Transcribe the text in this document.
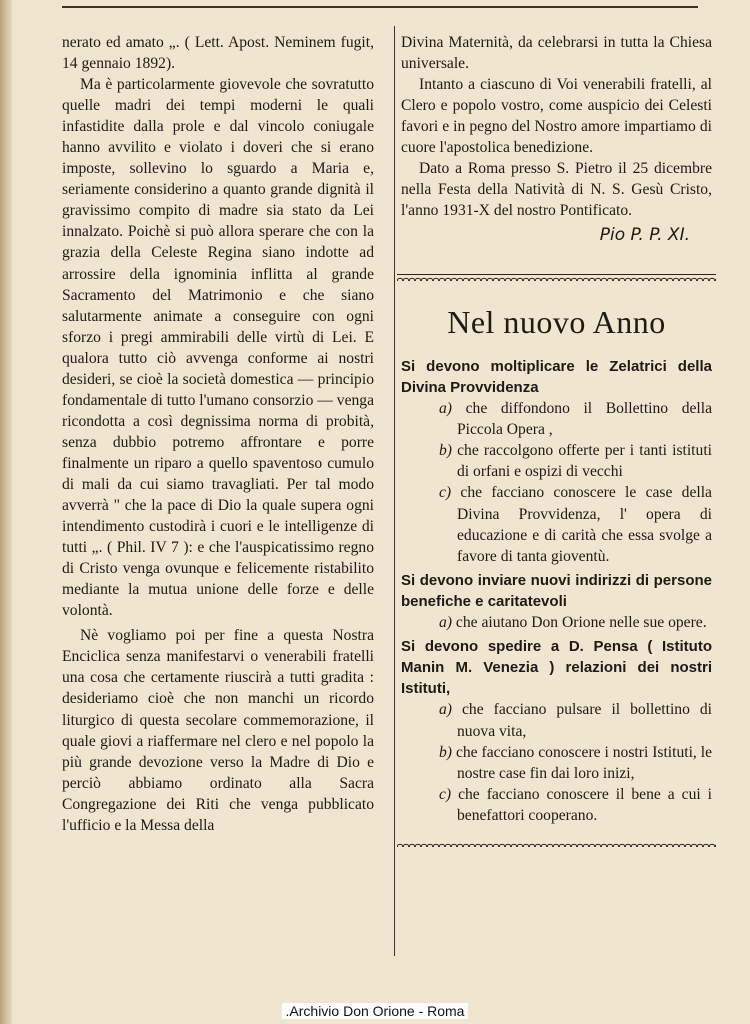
nerato ed amato „. ( Lett. Apost. Neminem fugit, 14 gennaio 1892).

Ma è particolarmente giovevole che sovratutto quelle madri dei tempi moderni le quali infastidite dalla prole e dal vincolo coniugale hanno avvilito e violato i doveri che si erano imposte, sollevino lo sguardo a Maria e, seriamente considerino a quanto grande dignità il gravissimo compito di madre sia stato da Lei innalzato. Poichè si può allora sperare che con la grazia della Celeste Regina siano indotte ad arrossire della ignominia inflitta al grande Sacramento del Matrimonio e che siano salutarmente animate a conseguire con ogni sforzo i pregi ammirabili delle virtù di Lei. E qualora tutto ciò avvenga conforme ai nostri desideri, se cioè la società domestica — principio fondamentale di tutto l'umano consorzio — venga ricondotta a così degnissima norma di probità, senza dubbio potremo affrontare e porre finalmente un riparo a quello spaventoso cumulo di mali da cui siamo travagliati. Per tal modo avverrà " che la pace di Dio la quale supera ogni intendimento custodirà i cuori e le intelligenze di tutti „. ( Phil. IV 7 ): e che l'auspicatissimo regno di Cristo venga ovunque e felicemente ristabilito mediante la mutua unione delle forze e delle volontà.

Nè vogliamo poi per fine a questa Nostra Enciclica senza manifestarvi o venerabili fratelli una cosa che certamente riuscirà a tutti gradita : desideriamo cioè che non manchi un ricordo liturgico di questa secolare commemorazione, il quale giovi a riaffermare nel clero e nel popolo la più grande devozione verso la Madre di Dio e perciò abbiamo ordinato alla Sacra Congregazione dei Riti che venga pubblicato l'ufficio e la Messa della

Divina Maternità, da celebrarsi in tutta la Chiesa universale.

Intanto a ciascuno di Voi venerabili fratelli, al Clero e popolo vostro, come auspicio dei Celesti favori e in pegno del Nostro amore impartiamo di cuore l'apostolica benedizione.

Dato a Roma presso S. Pietro il 25 dicembre nella Festa della Natività di N. S. Gesù Cristo, l'anno 1931-X del nostro Pontificato.

Pio P. P. XI.
Nel nuovo Anno
Si devono moltiplicare le Zelatrici della Divina Provvidenza
a) che diffondono il Bollettino della Piccola Opera ,
b) che raccolgono offerte per i tanti istituti di orfani e ospizi di vecchi
c) che facciano conoscere le case della Divina Provvidenza, l' opera di educazione e di carità che essa svolge a favore di tanta gioventù.
Si devono inviare nuovi indirizzi di persone benefiche e caritatevoli
a) che aiutano Don Orione nelle sue opere.
Si devono spedire a D. Pensa ( Istituto Manin M. Venezia ) relazioni dei nostri Istituti,
a) che facciano pulsare il bollettino di nuova vita,
b) che facciano conoscere i nostri Istituti, le nostre case fin dai loro inizi,
c) che facciano conoscere il bene a cui i benefattori cooperano.
.Archivio Don Orione - Roma
